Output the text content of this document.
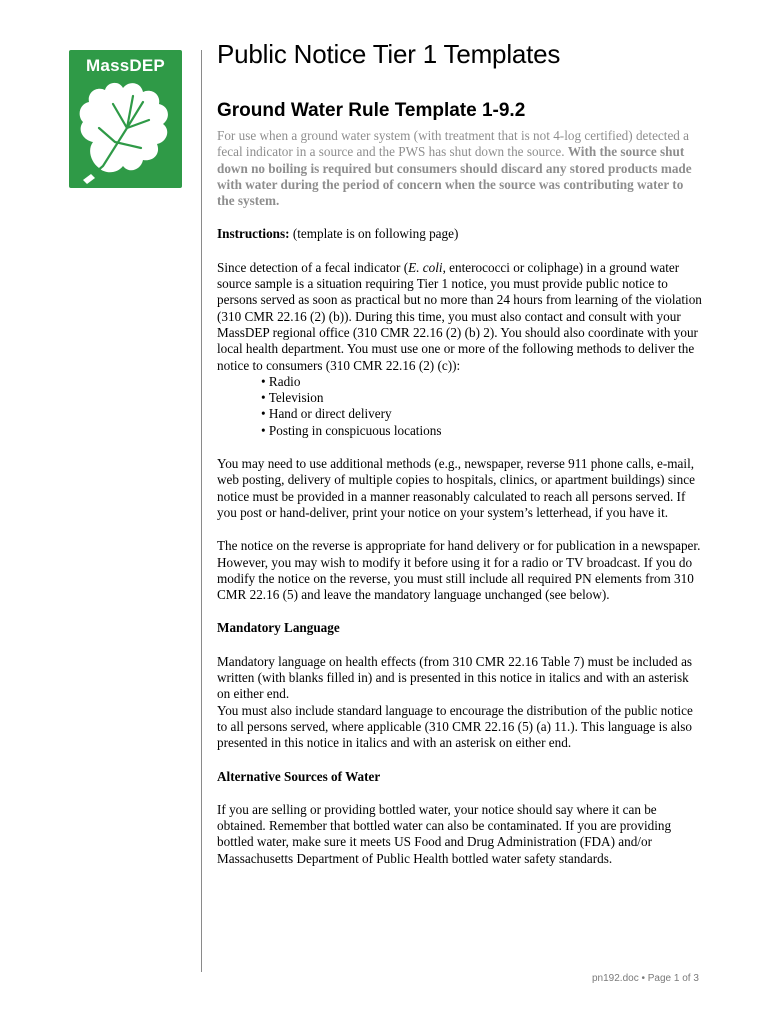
MassDEP	Public Notice Tier 1 Templates
Ground Water Rule Template 1-9.2

For use when a ground water system (with treatment that is not 4-log certified) detected a fecal indicator in a source and the PWS has shut down the source. With the source shut down no boiling is required but consumers should discard any stored products made with water during the period of concern when the source was contributing water to the system.

Instructions: (template is on following page)

Since detection of a fecal indicator (E. coli, enterococci or coliphage) in a ground water source sample is a situation requiring Tier 1 notice, you must provide public notice to persons served as soon as practical but no more than 24 hours from learning of the violation (310 CMR 22.16 (2) (b)). During this time, you must also contact and consult with your MassDEP regional office (310 CMR 22.16 (2) (b) 2). You should also coordinate with your local health department. You must use one or more of the following methods to deliver the notice to consumers (310 CMR 22.16 (2) (c)):

• Radio
• Television
• Hand or direct delivery
• Posting in conspicuous locations

You may need to use additional methods (e.g., newspaper, reverse 911 phone calls, e-mail, web posting, delivery of multiple copies to hospitals, clinics, or apartment buildings) since notice must be provided in a manner reasonably calculated to reach all persons served. If you post or hand-deliver, print your notice on your system’s letterhead, if you have it.

The notice on the reverse is appropriate for hand delivery or for publication in a newspaper. However, you may wish to modify it before using it for a radio or TV broadcast. If you do modify the notice on the reverse, you must still include all required PN elements from 310 CMR 22.16 (5) and leave the mandatory language unchanged (see below).

Mandatory Language

Mandatory language on health effects (from 310 CMR 22.16 Table 7) must be included as written (with blanks filled in) and is presented in this notice in italics and with an asterisk on either end.

You must also include standard language to encourage the distribution of the public notice to all persons served, where applicable (310 CMR 22.16 (5) (a) 11.). This language is also presented in this notice in italics and with an asterisk on either end.

Alternative Sources of Water

If you are selling or providing bottled water, your notice should say where it can be obtained. Remember that bottled water can also be contaminated. If you are providing bottled water, make sure it meets US Food and Drug Administration (FDA) and/or Massachusetts Department of Public Health bottled water safety standards.

pn192.doc • Page 1 of 3
